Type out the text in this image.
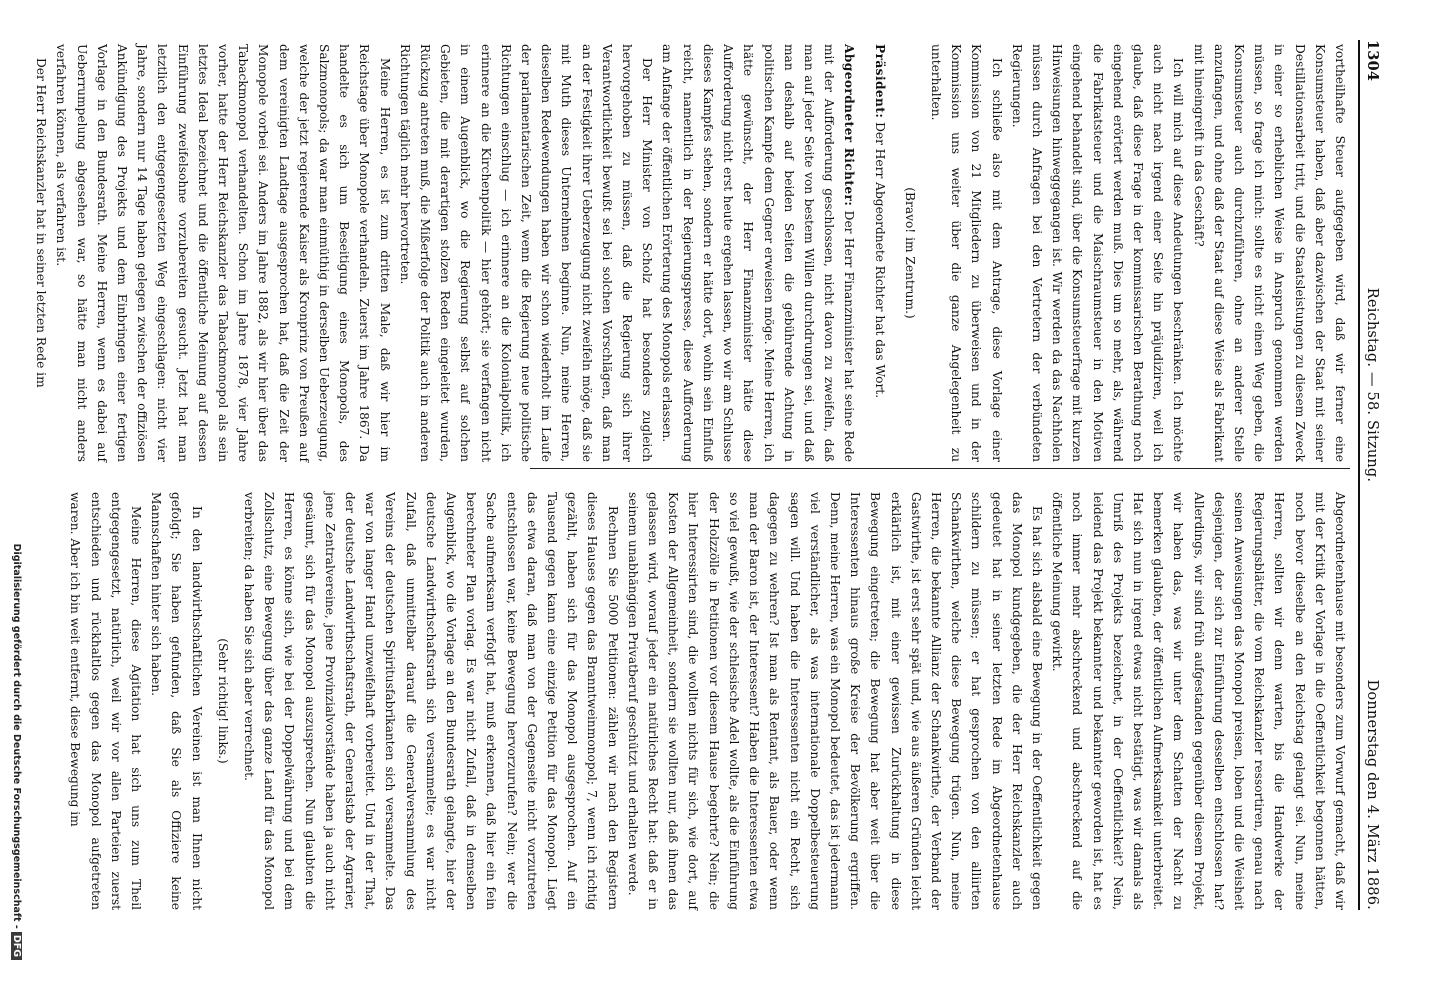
1304
Reichstag. — 58. Sitzung.
Donnerstag den 4. März 1886.

vortheilhafte Steuer aufgegeben wird, daß wir ferner eine Konsumsteuer haben, daß aber dazwischen der Staat mit seiner Destillationsarbeit tritt, und die Staatsleistungen zu diesem Zweck in einer so erheblichen Weise in Anspruch genommen werden müssen, so frage ich mich: sollte es nicht einen Weg geben, die Konsumsteuer auch durchzuführen, ohne an anderer Stelle anzufangen, und ohne daß der Staat auf diese Weise als Fabrikant mit hineingreift in das Geschäft?

Ich will mich auf diese Andeutungen beschränken. Ich möchte auch nicht nach irgend einer Seite hin präjudiziren, weil ich glaube, daß diese Frage in der kommissarischen Berathung noch eingehend erörtert werden muß. Dies um so mehr, als, während die Fabrikatsteuer und die Maischraumsteuer in den Motiven eingehend behandelt sind, über die Konsumsteuerfrage mit kurzen Hinweisungen hinweggegangen ist. Wir werden da das Nachholen müssen durch Anfragen bei den Vertretern der verbündeten Regierungen.

Ich schließe also mit dem Antrage, diese Vorlage einer Kommission von 21 Mitgliedern zu überweisen und in der Kommission uns weiter über die ganze Angelegenheit zu unterhalten.

(Bravo! im Zentrum.)

Präsident: Der Herr Abgeordnete Richter hat das Wort.

Abgeordneter Richter: Der Herr Finanzminister hat seine Rede mit der Aufforderung geschlossen, nicht davon zu zweifeln, daß man auf jeder Seite von bestem Willen durchdrungen sei, und daß man deshalb auf beiden Seiten die gebührende Achtung in politischen Kampfe dem Gegner erweisen möge. Meine Herren, ich hätte gewünscht, der Herr Finanzminister hätte diese Aufforderung nicht erst heute ergehen lassen, wo wir am Schlusse dieses Kampfes stehen, sondern er hätte dort, wohin sein Einfluß reicht, namentlich in der Regierungspresse, diese Aufforderung am Anfange der öffentlichen Erörterung des Monopols erlassen.

Der Herr Minister von Scholz hat besonders zugleich hervorgehoben zu müssen, daß die Regierung sich ihrer Verantwortlichkeit bewußt sei bei solchen Vorschlägen, daß man an der Festigkeit ihrer Ueberzeugung nicht zweifeln möge, daß sie mit Muth dieses Unternehmen beginne. Nun, meine Herren, dieselben Redewendungen haben wir schon wiederholt im Laufe der parlamentarischen Zeit, wenn die Regierung neue politische Richtungen einschlug — ich erinnere an die Kolonialpolitik, ich erinnere an die Kirchenpolitik — hier gehört; sie verfangen nicht in einem Augenblick, wo die Regierung selbst auf solchen Gebieten, die mit derartigen stolzen Reden eingeleitet wurden, Rückzug antreten muß, die Mißerfolge der Politik auch in anderen Richtungen täglich mehr hervortreten.

Meine Herren, es ist zum dritten Male, daß wir hier im Reichstage über Monopole verhandeln. Zuerst im Jahre 1867. Da handelte es sich um Beseitigung eines Monopols, des Salzmonopols; da war man einmüthig in derselben Ueberzeugung, welche der jetzt regierende Kaiser als Kronprinz von Preußen auf dem vereinigten Landtage ausgesprochen hat, daß die Zeit der Monopole vorbei sei. Anders im Jahre 1882, als wir hier über das Tabackmonopol verhandelten. Schon im Jahre 1878, vier Jahre vorher, hatte der Herr Reichskanzler das Tabackmonopol als sein letztes Ideal bezeichnet und die öffentliche Meinung auf dessen Einführung zweifelsohne vorzubereiten gesucht. Jetzt hat man letztlich den entgegengesetzten Weg eingeschlagen: nicht vier Jahre, sondern nur 14 Tage haben gelegen zwischen der offiziösen Ankündigung des Projekts und dem Einbringen einer fertigen Vorlage in den Bundesrath. Meine Herren, wenn es dabei auf Ueberrumpelung abgesehen war, so hätte man nicht anders verfahren können, als verfahren ist.

Der Herr Reichskanzler hat in seiner letzten Rede im

Abgeordnetenhause mit besonders zum Vorwurf gemacht, daß wir mit der Kritik der Vorlage in die Oeffentlichkeit begonnen hätten, noch bevor dieselbe an den Reichstag gelangt sei. Nun, meine Herren, sollten wir denn warten, bis die Handwerke der Regierungsblätter, die vom Reichskanzler ressortiren, genau nach seinen Anweisungen das Monopol preisen, loben und die Weisheit desjenigen, der sich zur Einführung desselben entschlossen hat? Allerdings, wir sind früh aufgestanden gegenüber diesem Projekt, wir haben das, was wir unter dem Schatten der Nacht zu bemerken glaubten, der öffentlichen Aufmerksamkeit unterbreitet. Hat sich nun in irgend etwas nicht bestätigt, was wir damals als Umriß des Projekts bezeichnet, in der Oeffentlichkeit? Nein, leidend das Projekt bekannter und bekannter geworden ist, hat es noch immer mehr abschreckend und abschreckend auf die öffentliche Meinung gewirkt.

Es hat sich alsbald eine Bewegung in der Oeffentlichkeit gegen das Monopol kundgegeben, die der Herr Reichskanzler auch gedeutet hat in seiner letzten Rede im Abgeordnetenhause schildern zu müssen; er hat gesprochen von den alliirten Schankwirthen, welche diese Bewegung trügen. Nun, meine Herren, die bekannte Allianz der Schankwirthe, der Verband der Gastwirthe, ist erst sehr spät und, wie aus äußeren Gründen leicht erklärlich ist, mit einer gewissen Zurückhaltung in diese Bewegung eingetreten; die Bewegung hat aber weit über die Interessenten hinaus große Kreise der Bevölkerung ergriffen. Denn, meine Herren, was ein Monopol bedeutet, das ist jedermann viel verständlicher, als was internationale Doppelbesteuerung sagen will. Und haben die Interessenten nicht ein Recht, sich dagegen zu wehren? Ist man als Rentant, als Bauer, oder wenn man der Baron ist, der Interessent? Haben die Interessenten etwa so viel gewußt, wie der schlesische Adel wollte, als die Einführung der Holzzölle in Petitionen vor diesem Hause begehrte? Nein; die hier Interessirten sind, die wollten nichts für sich, wie dort, auf Kosten der Allgemeinheit, sondern sie wollten nur, daß ihnen das gelassen wird, worauf jeder ein natürliches Recht hat: daß er in seinem unabhängigen Privatberuf geschützt und erhalten werde.

Rechnen Sie 5000 Petitionen: zählen wir nach den Registern dieses Hauses gegen das Branntweinmonopol; 7, wenn ich richtig gezählt, haben sich für das Monopol ausgesprochen. Auf ein Tausend gegen kann eine einzige Petition für das Monopol. Liegt das etwa daran, daß man von der Gegenseite nicht vorzutreten entschlossen war, keine Bewegung hervorzurufen? Nein; wer die Sache aufmerksam verfolgt hat, muß erkennen, daß hier ein fein berechneter Plan vorlag. Es war nicht Zufall, daß in demselben Augenblick, wo die Vorlage an den Bundesrath gelangte, hier der deutsche Landwirthschaftsrath sich versammelte; es war nicht Zufall, daß unmittelbar darauf die Generalversammlung des Vereins der deutschen Spiritusfabrikanten sich versammelte. Das war von langer Hand unzweifelhaft vorbereitet. Und in der That, der deutsche Landwirthschaftsrath, der Generalstab der Agrarier, jene Zentralvereine, jene Provinzialvorstände haben ja auch nicht gesäumt, sich für das Monopol auszusprechen. Nun glaubten die Herren, es könne sich, wie bei der Doppelwährung und bei dem Zollschutz, eine Bewegung über das ganze Land für das Monopol verbreiten; da haben Sie sich aber verrechnet.

(Sehr richtig! links.)

In den landwirthschaftlichen Vereinen ist man Ihnen nicht gefolgt; Sie haben gefunden, daß Sie als Offiziere keine Mannschaften hinter sich haben.

Meine Herren, diese Agitation hat sich uns zum Theil entgegengesetzt, natürlich, weil wir vor allen Parteien zuerst entschieden und rückhaltlos gegen das Monopol aufgetreten waren. Aber ich bin weit entfernt, diese Bewegung im

Digitalisierung gefördert durch die Deutsche Forschungsgemeinschaft -DFG
